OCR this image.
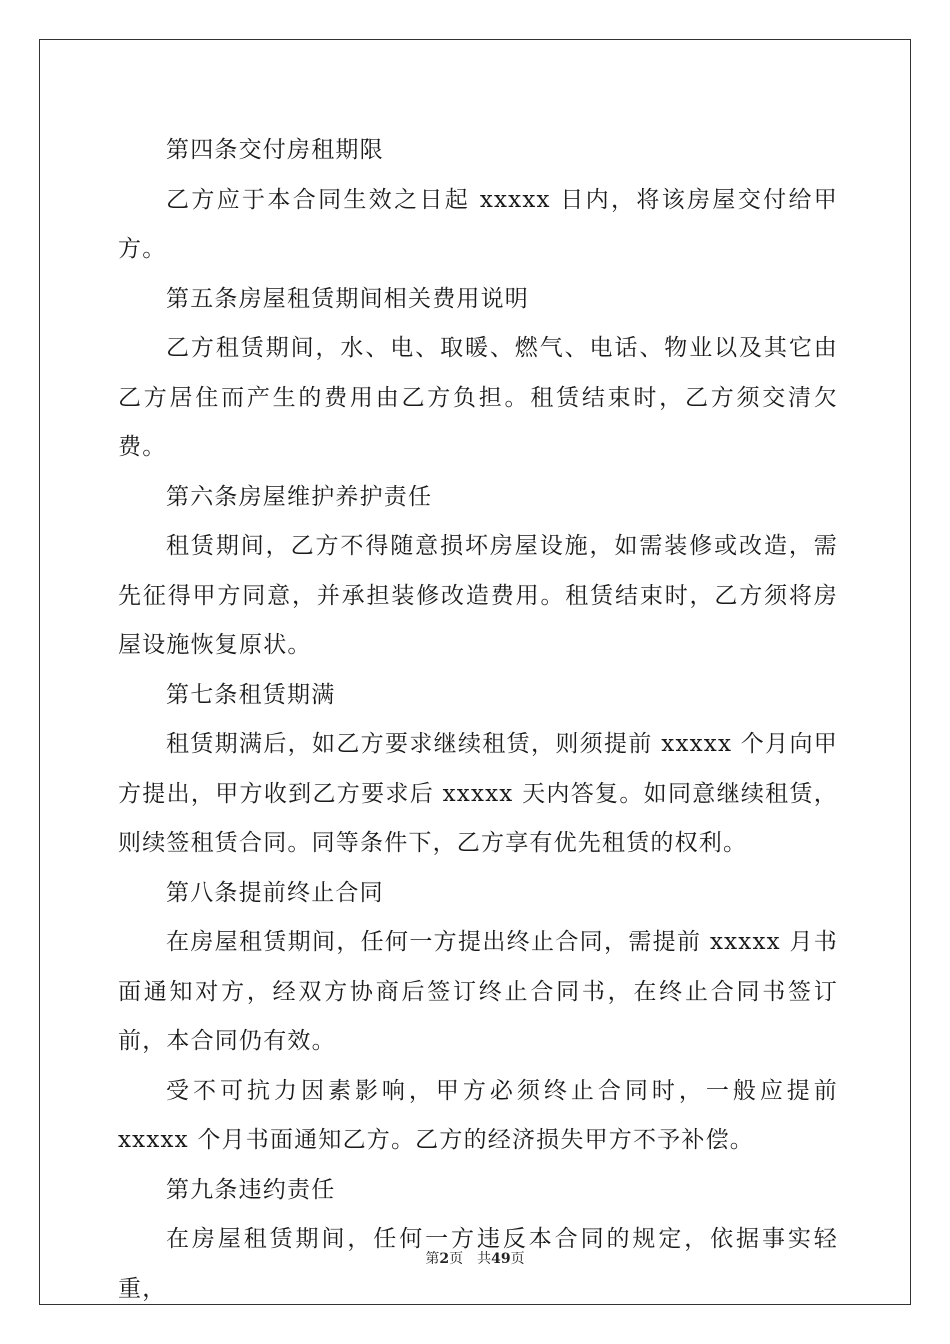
第四条交付房租期限

乙方应于本合同生效之日起 xxxxx 日内，将该房屋交付给甲方。

第五条房屋租赁期间相关费用说明

乙方租赁期间，水、电、取暖、燃气、电话、物业以及其它由乙方居住而产生的费用由乙方负担。租赁结束时，乙方须交清欠费。

第六条房屋维护养护责任

租赁期间，乙方不得随意损坏房屋设施，如需装修或改造，需先征得甲方同意，并承担装修改造费用。租赁结束时，乙方须将房屋设施恢复原状。

第七条租赁期满

租赁期满后，如乙方要求继续租赁，则须提前 xxxxx 个月向甲方提出，甲方收到乙方要求后 xxxxx 天内答复。如同意继续租赁，则续签租赁合同。同等条件下，乙方享有优先租赁的权利。

第八条提前终止合同

在房屋租赁期间，任何一方提出终止合同，需提前 xxxxx 月书面通知对方，经双方协商后签订终止合同书，在终止合同书签订前，本合同仍有效。

受不可抗力因素影响，甲方必须终止合同时，一般应提前 xxxxx 个月书面通知乙方。乙方的经济损失甲方不予补偿。

第九条违约责任

在房屋租赁期间，任何一方违反本合同的规定，依据事实轻重，

第2页 共49页
